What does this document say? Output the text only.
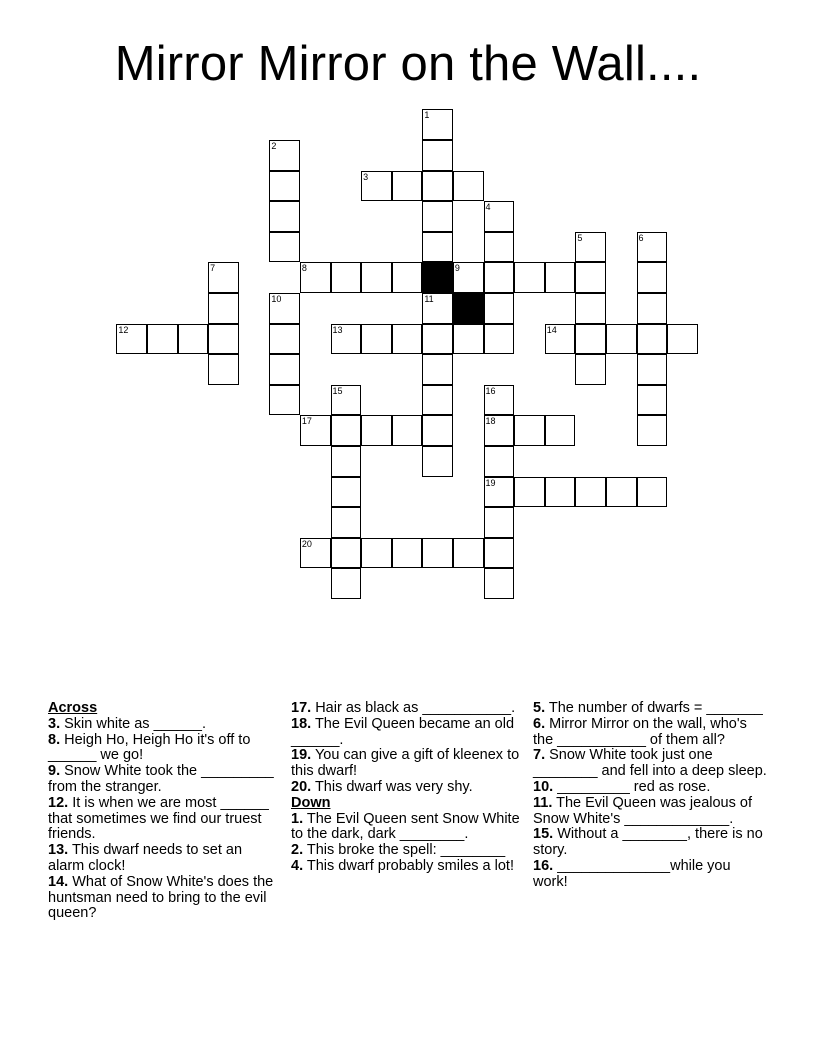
Mirror Mirror on the Wall....
1
2
3
4
5	6
7	8	9
10	11
12	13	14
15	16
18
19
17
20
Across
3. Skin white as ______.
8. Heigh Ho, Heigh Ho it's off to ______ we go!
9. Snow White took the _________ from the stranger.
12. It is when we are most ______ that sometimes we find our truest friends.
13. This dwarf needs to set an alarm clock!
14. What of Snow White's does the huntsman need to bring to the evil queen?
17. Hair as black as ___________.
18. The Evil Queen became an old ______.
19. You can give a gift of kleenex to this dwarf!
20. This dwarf was very shy.
Down
1. The Evil Queen sent Snow White to the dark, dark ________.
2. This broke the spell: ________
4. This dwarf probably smiles a lot!
5. The number of dwarfs = _______
6. Mirror Mirror on the wall, who's the ___________ of them all?
7. Snow White took just one ________ and fell into a deep sleep.
10. _________ red as rose.
11. The Evil Queen was jealous of Snow White's _____________.
15. Without a ________, there is no story.
16. ______________while you work!
